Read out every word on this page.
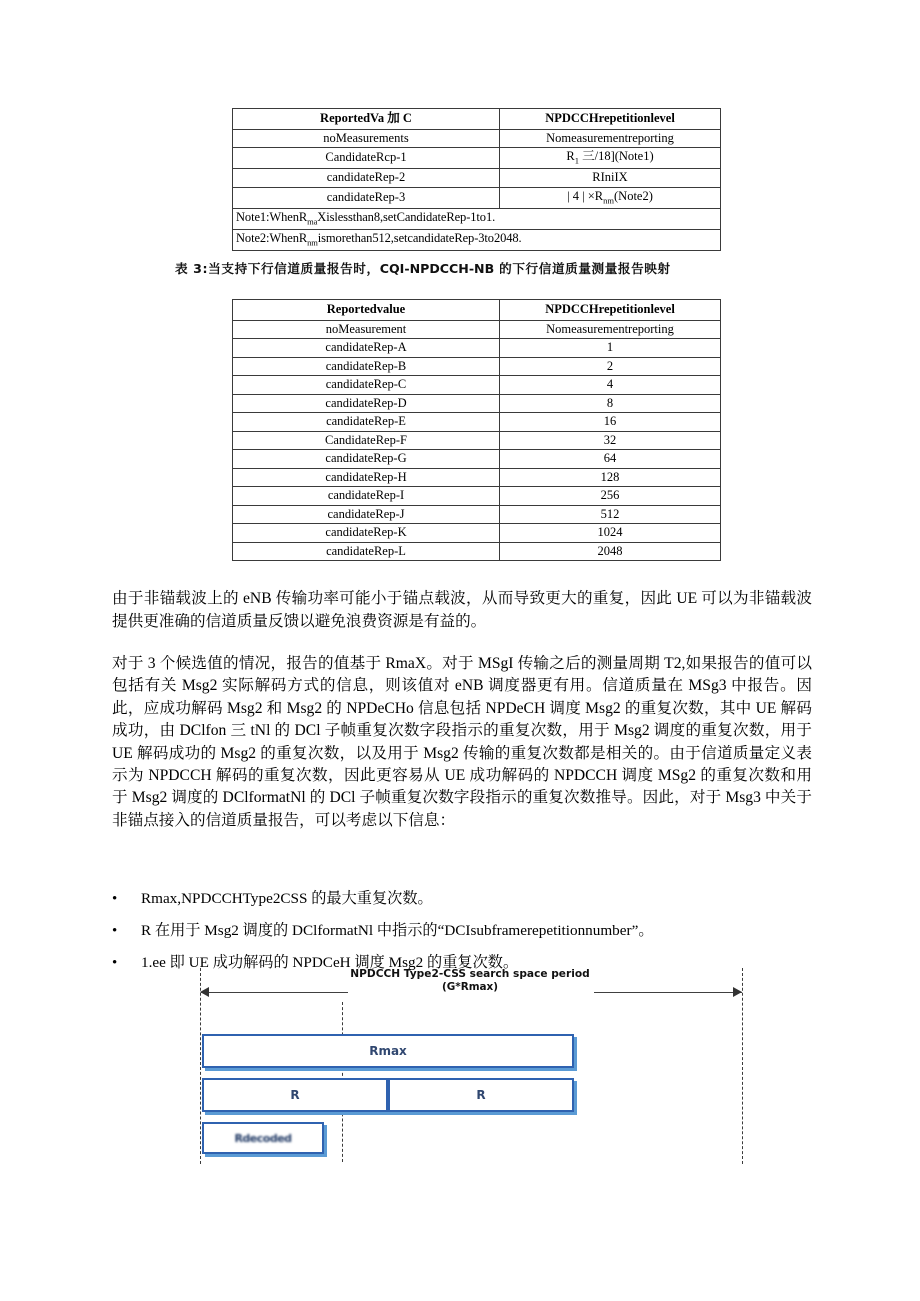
ReportedVa 加 C	NPDCCHrepetitionlevel
noMeasurements	Nomeasurementreporting
CandidateRcp-1	$R_1$ 三/18](Note1)
candidateRep-2	RIniIX
candidateRep-3	| 4 | $\times R_{nm}(Note2)$
Note1:WhenR$_{ma}$Xislessthan8,setCandidateRep-1to1.	
Note2:WhenR$_{nm}$ismorethan512,setcandidateRep-3to2048.	
表 3:当支持下行信道质量报告时，CQI-NPDCCH-NB 的下行信道质量测量报告映射
Reportedvalue	NPDCCHrepetitionlevel
noMeasurement	Nomeasurementreporting
candidateRep-A	1
candidateRep-B	2
candidateRep-C	4
candidateRep-D	8
candidateRep-E	16
CandidateRep-F	32
candidateRep-G	64
candidateRep-H	128
candidateRep-I	256
candidateRep-J	512
candidateRep-K	1024
candidateRep-L	2048
由于非锚载波上的 eNB 传输功率可能小于锚点载波，从而导致更大的重复，因此 UE 可以为非锚载波提供更准确的信道质量反馈以避免浪费资源是有益的。
对于 3 个候选值的情况，报告的值基于 RmaX。对于 MSgI 传输之后的测量周期 T2,如果报告的值可以包括有关 Msg2 实际解码方式的信息，则该值对 eNB 调度器更有用。信道质量在 MSg3 中报告。因此，应成功解码 Msg2 和 Msg2 的 NPDeCHo 信息包括 NPDeCH 调度 Msg2 的重复次数，其中 UE 解码成功，由 DClfon 三 tNl 的 DCl 子帧重复次数字段指示的重复次数，用于 Msg2 调度的重复次数，用于 UE 解码成功的 Msg2 的重复次数，以及用于 Msg2 传输的重复次数都是相关的。由于信道质量定义表示为 NPDCCH 解码的重复次数，因此更容易从 UE 成功解码的 NPDCCH 调度 MSg2 的重复次数和用于 Msg2 调度的 DClformatNl 的 DCl 子帧重复次数字段指示的重复次数推导。因此，对于 Msg3 中关于非锚点接入的信道质量报告，可以考虑以下信息：
• Rmax,NPDCCHType2CSS 的最大重复次数。
• R 在用于 Msg2 调度的 DClformatNl 中指示的“DCIsubframerepetitionnumber”。
• 1.ee 即 UE 成功解码的 NPDCeH 调度 Msg2 的重复次数。
NPDCCH Type2-CSS search space period
(G*Rmax)
Rmax
R	R
Rdecoded
